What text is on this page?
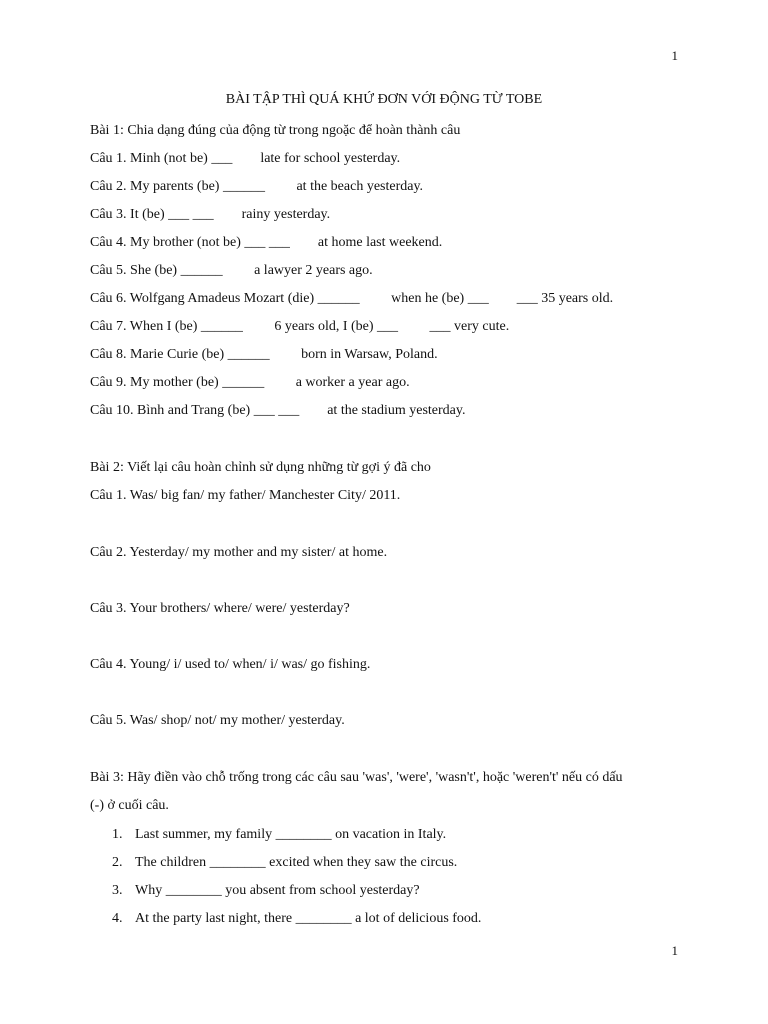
1
BÀI TẬP THÌ QUÁ KHỨ ĐƠN VỚI ĐỘNG TỪ TOBE
Bài 1: Chia dạng đúng của động từ trong ngoặc để hoàn thành câu
Câu 1. Minh (not be) ___        late for school yesterday.
Câu 2. My parents (be) ______         at the beach yesterday.
Câu 3. It (be) ___ ___        rainy yesterday.
Câu 4. My brother (not be) ___ ___        at home last weekend.
Câu 5. She (be) ______         a lawyer 2 years ago.
Câu 6. Wolfgang Amadeus Mozart (die) ______         when he (be) ___        ___ 35 years old.
Câu 7. When I (be) ______         6 years old, I (be) ___         ___ very cute.
Câu 8. Marie Curie (be) ______         born in Warsaw, Poland.
Câu 9. My mother (be) ______         a worker a year ago.
Câu 10. Bình and Trang (be) ___ ___        at the stadium yesterday.
Bài 2: Viết lại câu hoàn chỉnh sử dụng những từ gợi ý đã cho
Câu 1. Was/ big fan/ my father/ Manchester City/ 2011.
Câu 2. Yesterday/ my mother and my sister/ at home.
Câu 3. Your brothers/ where/ were/ yesterday?
Câu 4. Young/ i/ used to/ when/ i/ was/ go fishing.
Câu 5. Was/ shop/ not/ my mother/ yesterday.
Bài 3: Hãy điền vào chỗ trống trong các câu sau 'was', 'were', 'wasn't', hoặc 'weren't' nếu có dấu
(-) ở cuối câu.
1. Last summer, my family ________ on vacation in Italy.
2. The children ________ excited when they saw the circus.
3. Why ________ you absent from school yesterday?
4. At the party last night, there ________ a lot of delicious food.
1
